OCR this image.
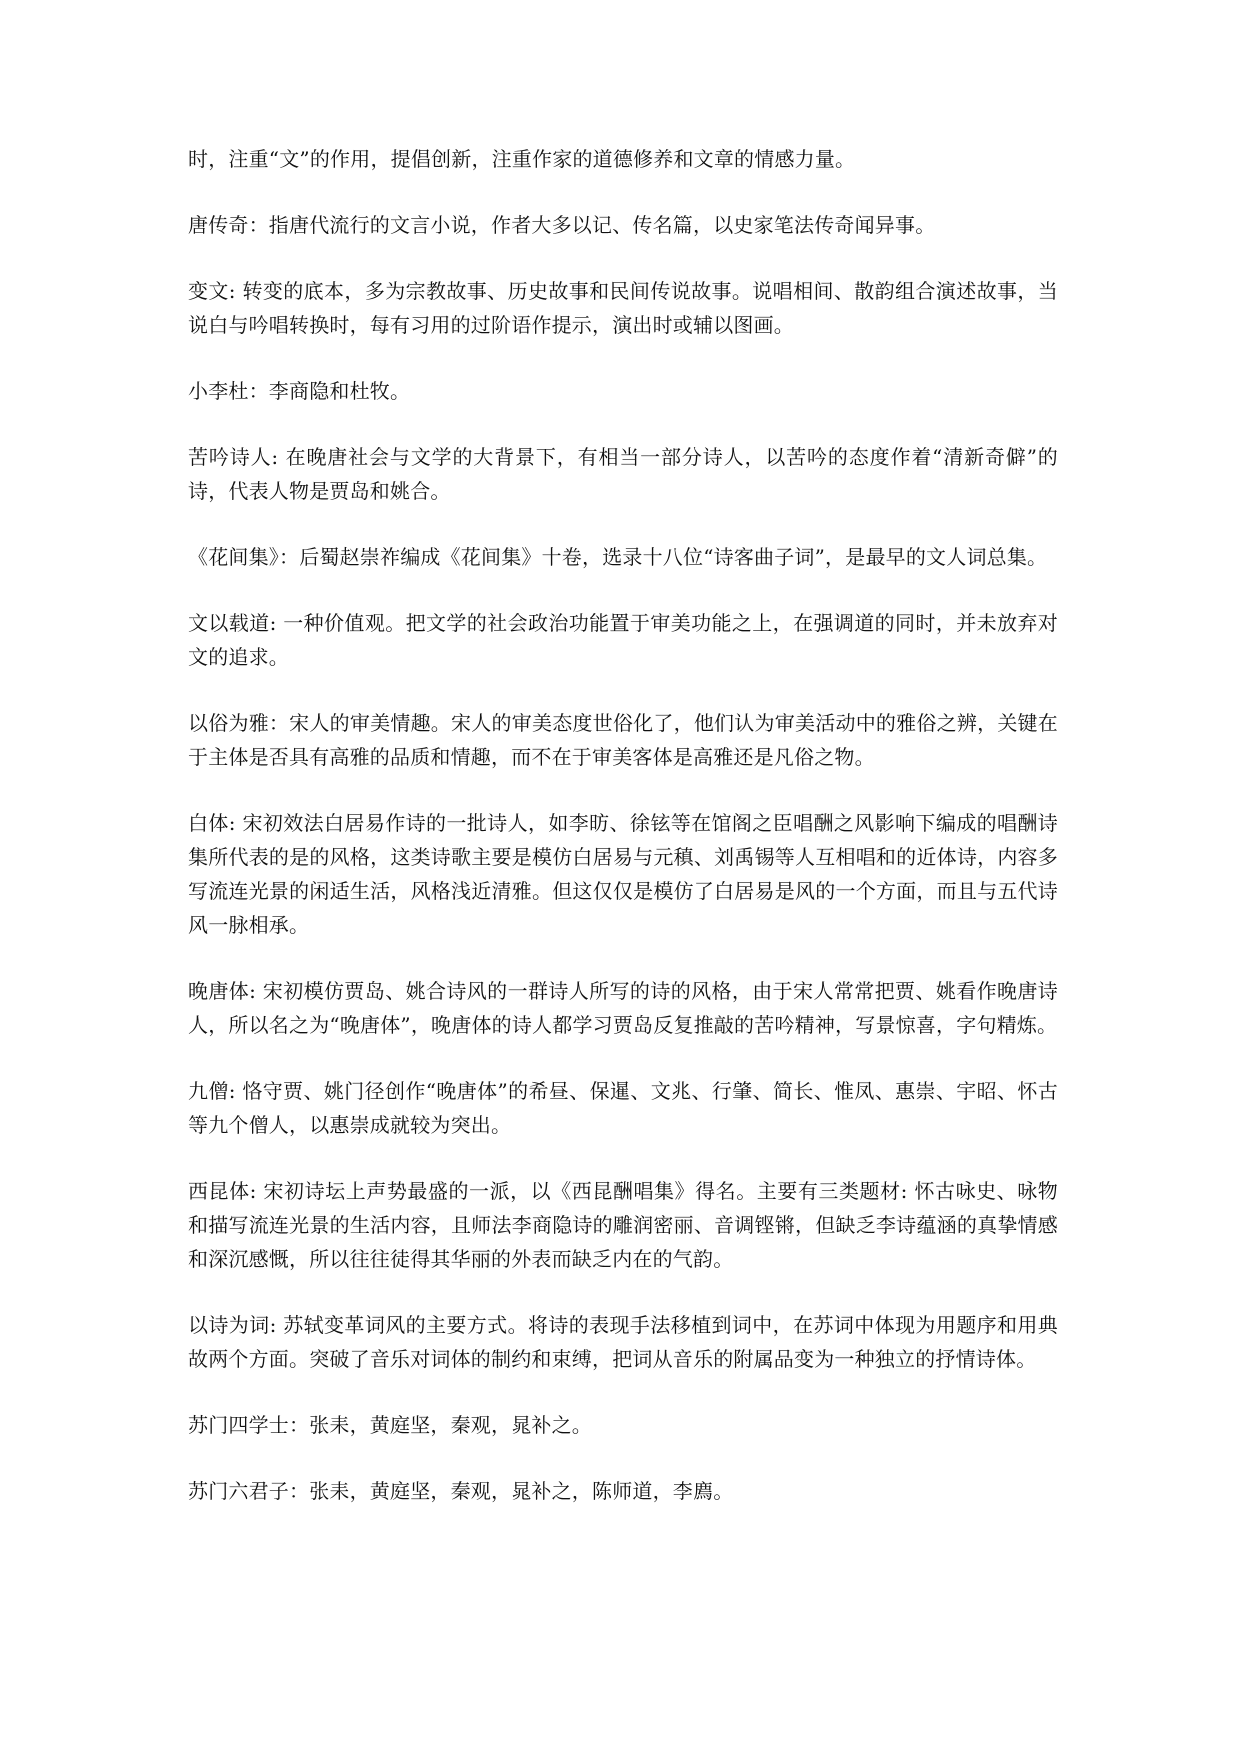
时，注重“文”的作用，提倡创新，注重作家的道德修养和文章的情感力量。

唐传奇：指唐代流行的文言小说，作者大多以记、传名篇，以史家笔法传奇闻异事。

变文: 转变的底本，多为宗教故事、历史故事和民间传说故事。说唱相间、散韵组合演述故事，当说白与吟唱转换时，每有习用的过阶语作提示，演出时或辅以图画。

小李杜：李商隐和杜牧。

苦吟诗人: 在晚唐社会与文学的大背景下，有相当一部分诗人，以苦吟的态度作着“清新奇僻”的诗，代表人物是贾岛和姚合。

《花间集》：后蜀赵崇祚编成《花间集》十卷，选录十八位“诗客曲子词”，是最早的文人词总集。

文以载道: 一种价值观。把文学的社会政治功能置于审美功能之上，在强调道的同时，并未放弃对文的追求。

以俗为雅：宋人的审美情趣。宋人的审美态度世俗化了，他们认为审美活动中的雅俗之辨，关键在于主体是否具有高雅的品质和情趣，而不在于审美客体是高雅还是凡俗之物。

白体: 宋初效法白居易作诗的一批诗人，如李昉、徐铉等在馆阁之臣唱酬之风影响下编成的唱酬诗集所代表的是的风格，这类诗歌主要是模仿白居易与元稹、刘禹锡等人互相唱和的近体诗，内容多写流连光景的闲适生活，风格浅近清雅。但这仅仅是模仿了白居易是风的一个方面，而且与五代诗风一脉相承。

晚唐体: 宋初模仿贾岛、姚合诗风的一群诗人所写的诗的风格，由于宋人常常把贾、姚看作晚唐诗人，所以名之为“晚唐体”，晚唐体的诗人都学习贾岛反复推敲的苦吟精神，写景惊喜，字句精炼。

九僧: 恪守贾、姚门径创作“晚唐体”的希昼、保暹、文兆、行肇、简长、惟凤、惠崇、宇昭、怀古等九个僧人，以惠崇成就较为突出。

西昆体: 宋初诗坛上声势最盛的一派，以《西昆酬唱集》得名。主要有三类题材: 怀古咏史、咏物和描写流连光景的生活内容，且师法李商隐诗的雕润密丽、音调铿锵，但缺乏李诗蕴涵的真挚情感和深沉感慨，所以往往徒得其华丽的外表而缺乏内在的气韵。

以诗为词: 苏轼变革词风的主要方式。将诗的表现手法移植到词中，在苏词中体现为用题序和用典故两个方面。突破了音乐对词体的制约和束缚，把词从音乐的附属品变为一种独立的抒情诗体。

苏门四学士：张耒，黄庭坚，秦观，晁补之。

苏门六君子：张耒，黄庭坚，秦观，晁补之，陈师道，李廌。
